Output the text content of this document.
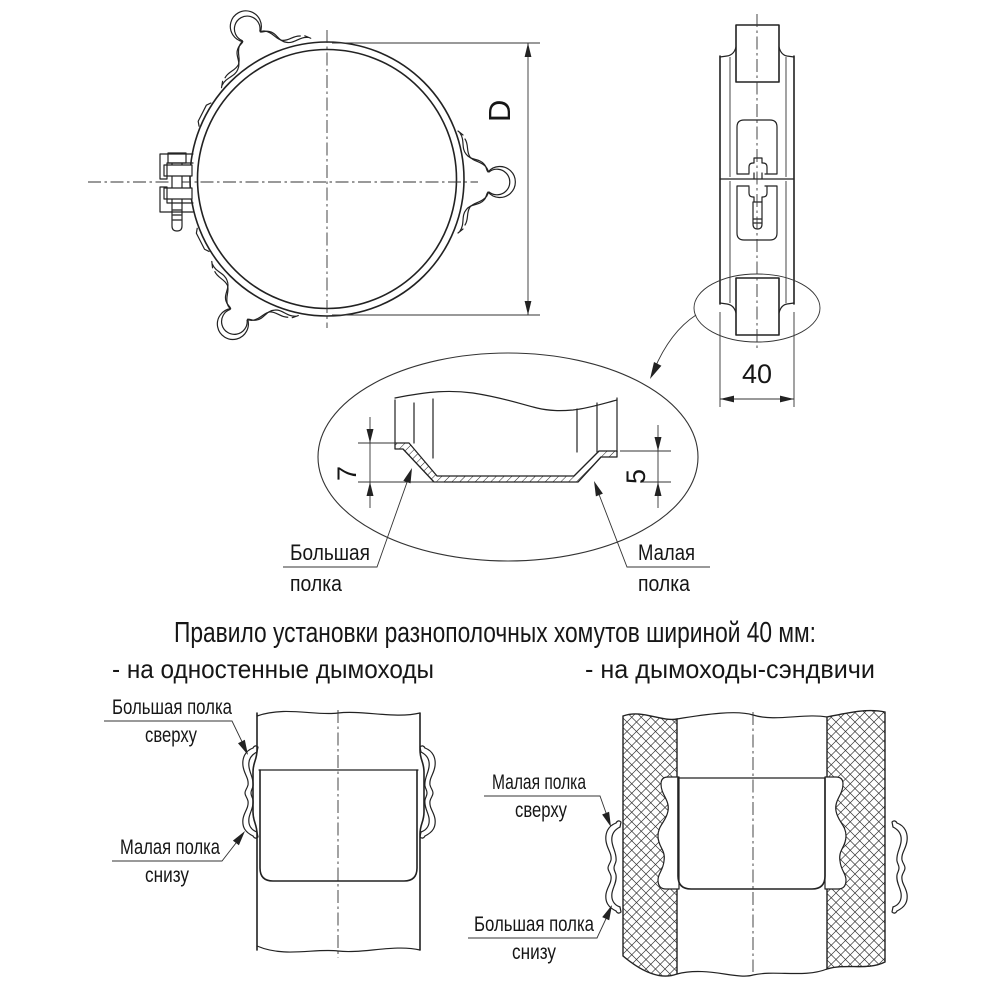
D
40
7	5
Большая
полка
Малая
полка
Правило установки разнополочных хомутов шириной 40 мм:
- на одностенные дымоходы	- на дымоходы-сэндвичи
Большая полка
сверху
Малая полка
снизу
Малая полка
сверху
Большая полка
снизу
